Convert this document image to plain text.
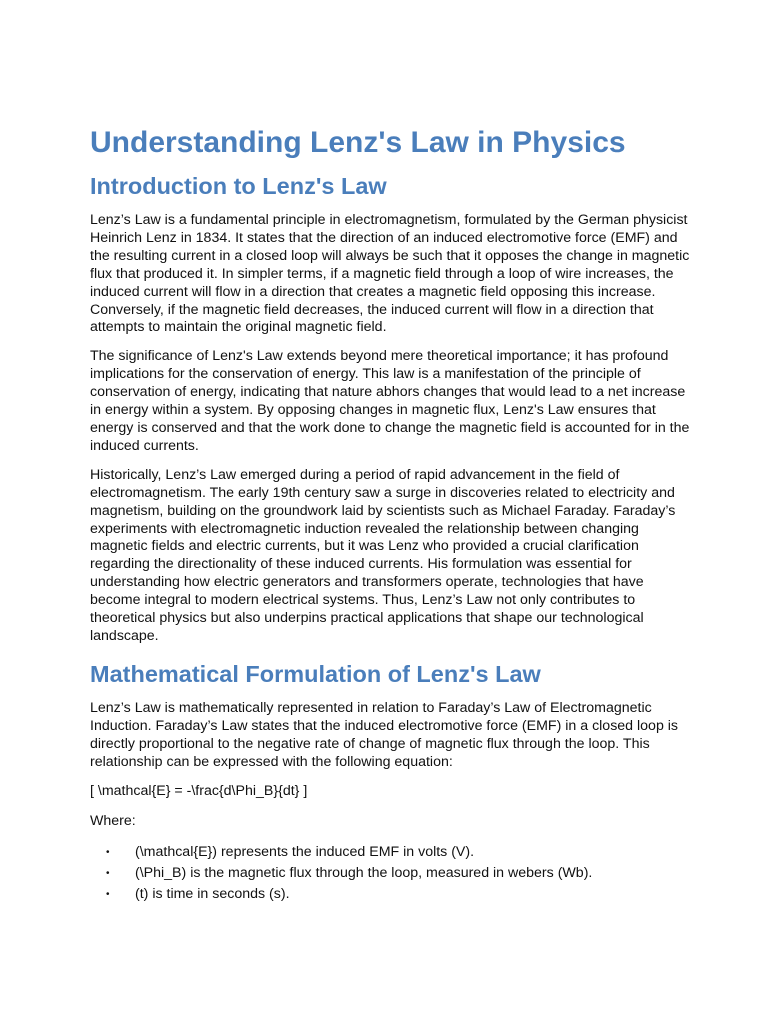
Understanding Lenz's Law in Physics
Introduction to Lenz's Law

Lenz’s Law is a fundamental principle in electromagnetism, formulated by the German physicist Heinrich Lenz in 1834. It states that the direction of an induced electromotive force (EMF) and the resulting current in a closed loop will always be such that it opposes the change in magnetic flux that produced it. In simpler terms, if a magnetic field through a loop of wire increases, the induced current will flow in a direction that creates a magnetic field opposing this increase. Conversely, if the magnetic field decreases, the induced current will flow in a direction that attempts to maintain the original magnetic field.

The significance of Lenz's Law extends beyond mere theoretical importance; it has profound implications for the conservation of energy. This law is a manifestation of the principle of conservation of energy, indicating that nature abhors changes that would lead to a net increase in energy within a system. By opposing changes in magnetic flux, Lenz's Law ensures that energy is conserved and that the work done to change the magnetic field is accounted for in the induced currents.

Historically, Lenz’s Law emerged during a period of rapid advancement in the field of electromagnetism. The early 19th century saw a surge in discoveries related to electricity and magnetism, building on the groundwork laid by scientists such as Michael Faraday. Faraday’s experiments with electromagnetic induction revealed the relationship between changing magnetic fields and electric currents, but it was Lenz who provided a crucial clarification regarding the directionality of these induced currents. His formulation was essential for understanding how electric generators and transformers operate, technologies that have become integral to modern electrical systems. Thus, Lenz’s Law not only contributes to theoretical physics but also underpins practical applications that shape our technological landscape.

Mathematical Formulation of Lenz's Law

Lenz’s Law is mathematically represented in relation to Faraday’s Law of Electromagnetic Induction. Faraday’s Law states that the induced electromotive force (EMF) in a closed loop is directly proportional to the negative rate of change of magnetic flux through the loop. This relationship can be expressed with the following equation:

[ \mathcal{E} = -\frac{d\Phi_B}{dt} ]

Where:

• (\mathcal{E}) represents the induced EMF in volts (V).
• (\Phi_B) is the magnetic flux through the loop, measured in webers (Wb).
• (t) is time in seconds (s).
